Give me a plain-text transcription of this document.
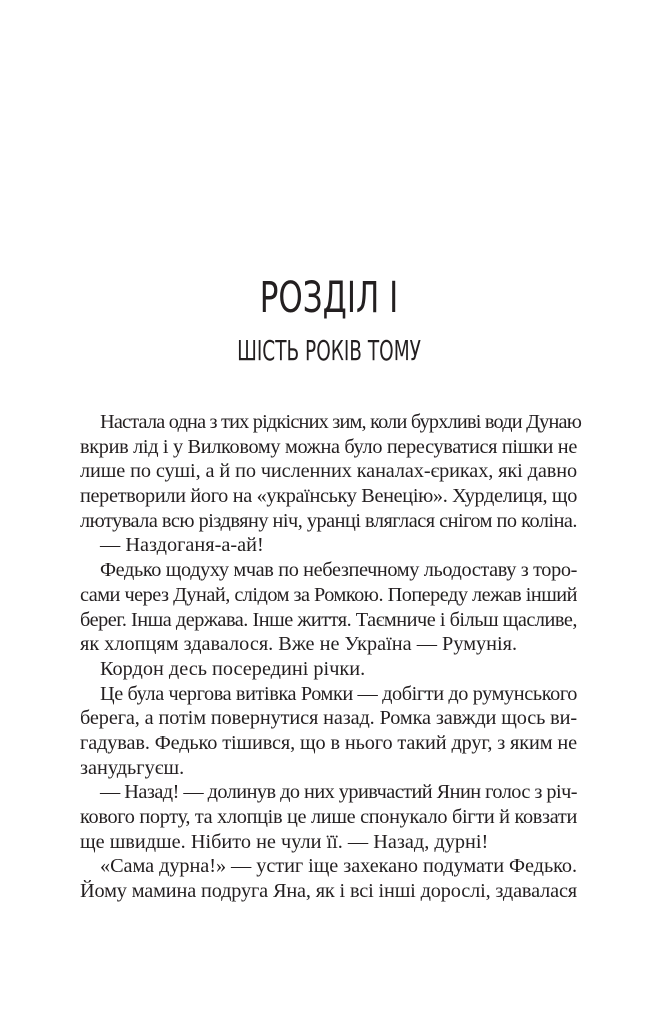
РОЗДІЛ І
ШІСТЬ РОКІВ ТОМУ
Настала одна з тих рідкісних зим, коли бурхливі води Дунаю
вкрив лід і у Вилковому можна було пересуватися пішки не
лише по суші, а й по численних каналах-єриках, які давно
перетворили його на «українську Венецію». Хурделиця, що
лютувала всю різдвяну ніч, уранці вляглася снігом по коліна.
— Наздоганя-а-ай!
Федько щодуху мчав по небезпечному льодоставу з торо-
сами через Дунай, слідом за Ромкою. Попереду лежав інший
берег. Інша держава. Інше життя. Таємниче і більш щасливе,
як хлопцям здавалося. Вже не Україна — Румунія.
Кордон десь посередині річки.
Це була чергова витівка Ромки — добігти до румунського
берега, а потім повернутися назад. Ромка завжди щось ви-
гадував. Федько тішився, що в нього такий друг, з яким не
занудьгуєш.
— Назад! — долинув до них уривчастий Янин голос з річ-
кового порту, та хлопців це лише спонукало бігти й ковзати
ще швидше. Нібито не чули її. — Назад, дурні!
«Сама дурна!» — устиг іще захекано подумати Федько.
Йому мамина подруга Яна, як і всі інші дорослі, здавалася
